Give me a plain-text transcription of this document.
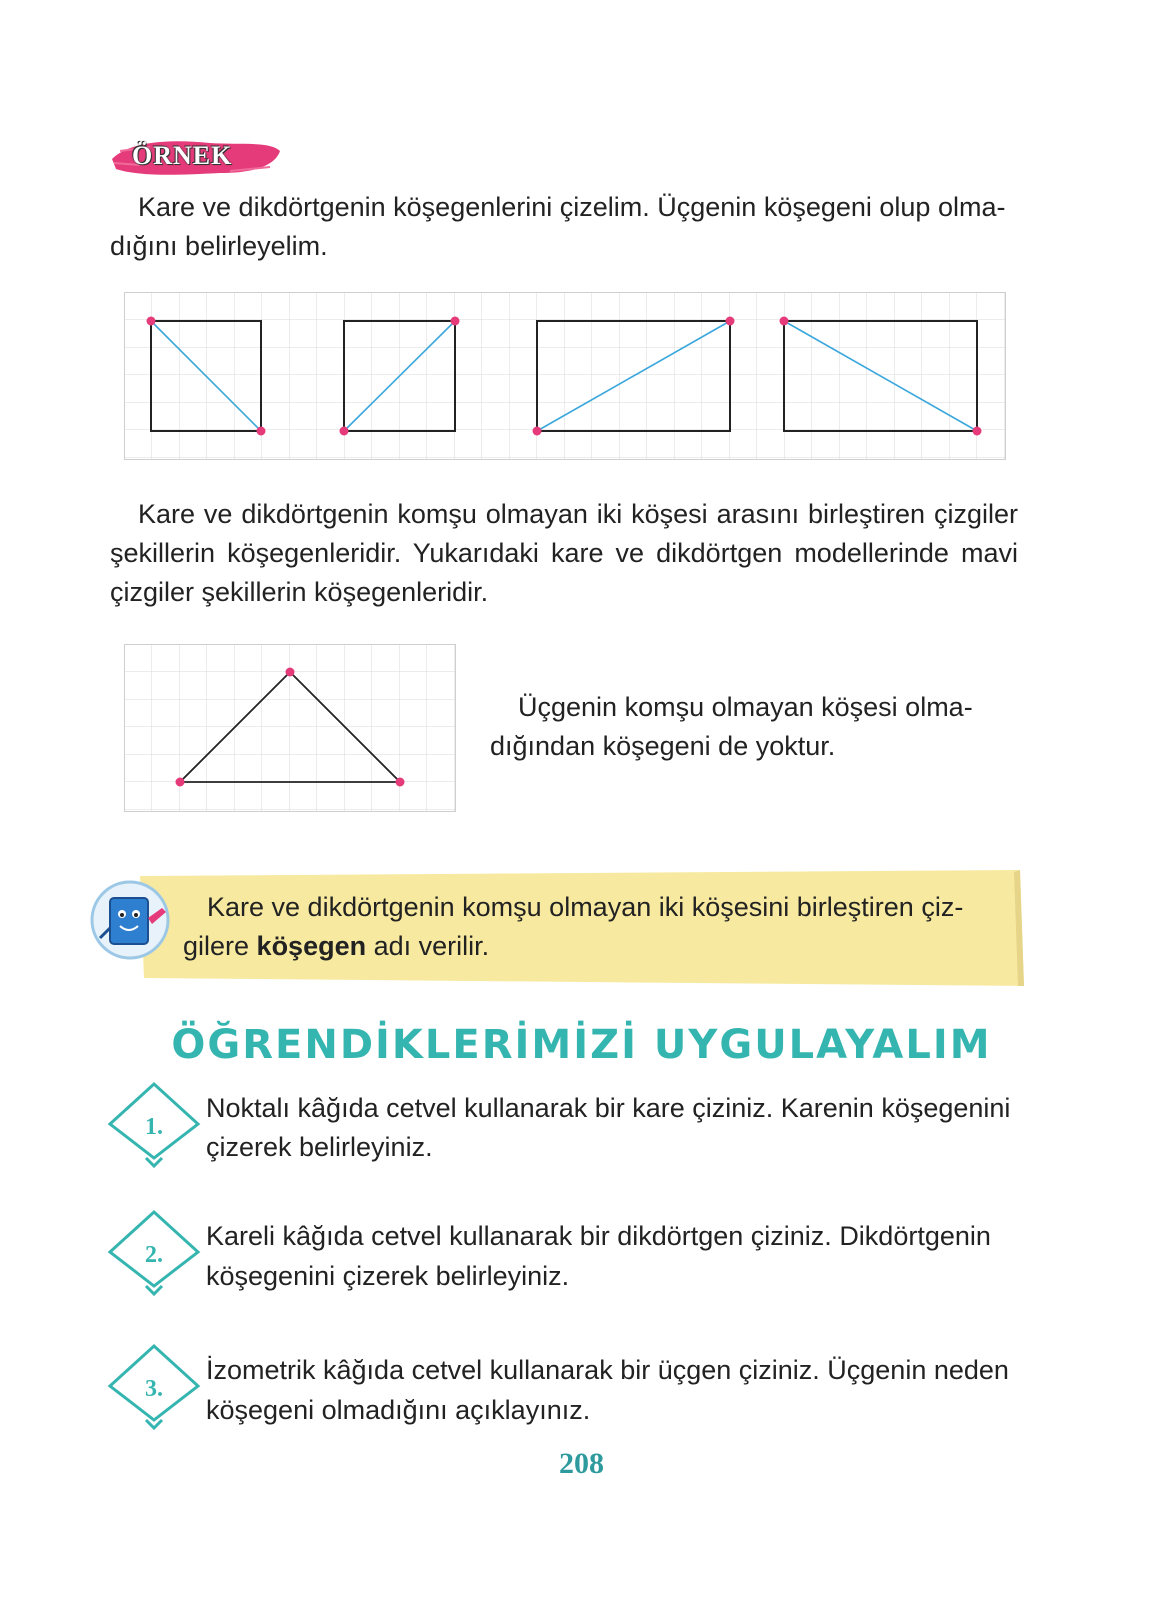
ÖRNEK
Kare ve dikdörtgenin köşegenlerini çizelim. Üçgenin köşegeni olup olma-
dığını belirleyelim.
Kare ve dikdörtgenin komşu olmayan iki köşesi arasını birleştiren çizgiler şekillerin köşegenleridir. Yukarıdaki kare ve dikdörtgen modellerinde mavi çizgiler şekillerin köşegenleridir.
Üçgenin komşu olmayan köşesi olma-
dığından köşegeni de yoktur.
Kare ve dikdörtgenin komşu olmayan iki köşesini birleştiren çiz-
gilere köşegen adı verilir.
ÖĞRENDİKLERİMİZİ UYGULAYALIM
1.
Noktalı kâğıda cetvel kullanarak bir kare çiziniz. Karenin köşegenini
çizerek belirleyiniz.
2.
Kareli kâğıda cetvel kullanarak bir dikdörtgen çiziniz. Dikdörtgenin
köşegenini çizerek belirleyiniz.
3.
İzometrik kâğıda cetvel kullanarak bir üçgen çiziniz. Üçgenin neden
köşegeni olmadığını açıklayınız.
208
